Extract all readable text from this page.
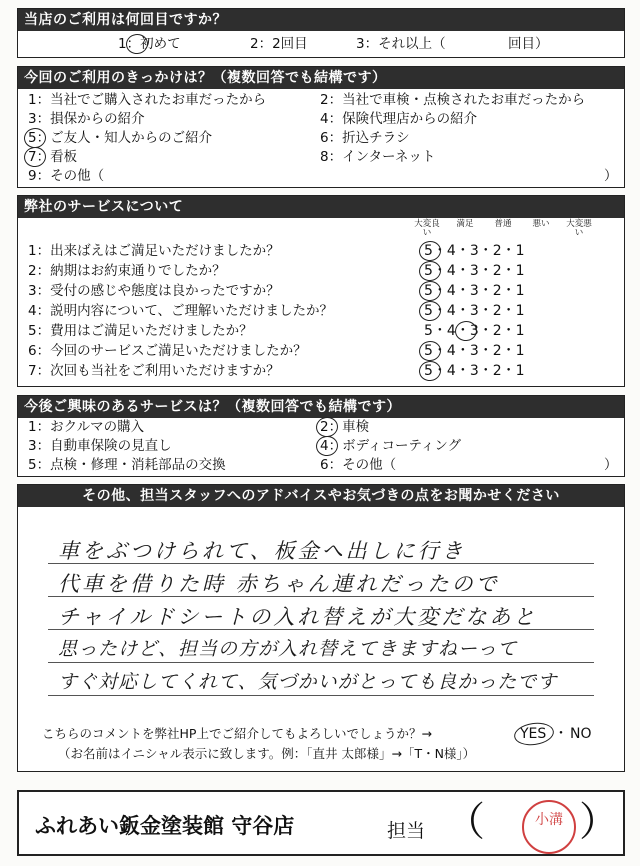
当店のご利用は何回目ですか？
1：初めて	2：2回目	3：それ以上（	回目）
今回のご利用のきっかけは？（複数回答でも結構です）
1：当社でご購入されたお車だったから	2：当社で車検・点検されたお車だったから
3：損保からの紹介	4：保険代理店からの紹介
5：ご友人・知人からのご紹介	6：折込チラシ
7：看板	8：インターネット
9：その他（	）
弊社のサービスについて
大変良い
満足	普通	悪い	大変悪い
1：出来ばえはご満足いただけましたか？	5・4・3・2・1
2：納期はお約束通りでしたか？	5・4・3・2・1
3：受付の感じや態度は良かったですか？	5・4・3・2・1
4：説明内容について、ご理解いただけましたか？	5・4・3・2・1
5：費用はご満足いただけましたか？	5・4・3・2・1
6：今回のサービスご満足いただけましたか？	5・4・3・2・1
7：次回も当社をご利用いただけますか？	5・4・3・2・1
今後ご興味のあるサービスは？（複数回答でも結構です）
1：おクルマの購入	2：車検
3：自動車保険の見直し	4：ボディコーティング
5：点検・修理・消耗部品の交換	6：その他（	）
その他、担当スタッフへのアドバイスやお気づきの点をお聞かせください
車をぶつけられて、板金へ出しに行き
代車を借りた時 赤ちゃん連れだったので
チャイルドシートの入れ替えが大変だなあと
思ったけど、担当の方が入れ替えてきますねーって
すぐ対応してくれて、気づかいがとっても良かったです
こちらのコメントを弊社HP上でご紹介してもよろしいでしょうか？→	YES ・ NO
（お名前はイニシャル表示に致します。例：「直井 太郎様」→「T・N様」）
ふれあい鈑金塗装館 守谷店	担当 （	小溝 ）
